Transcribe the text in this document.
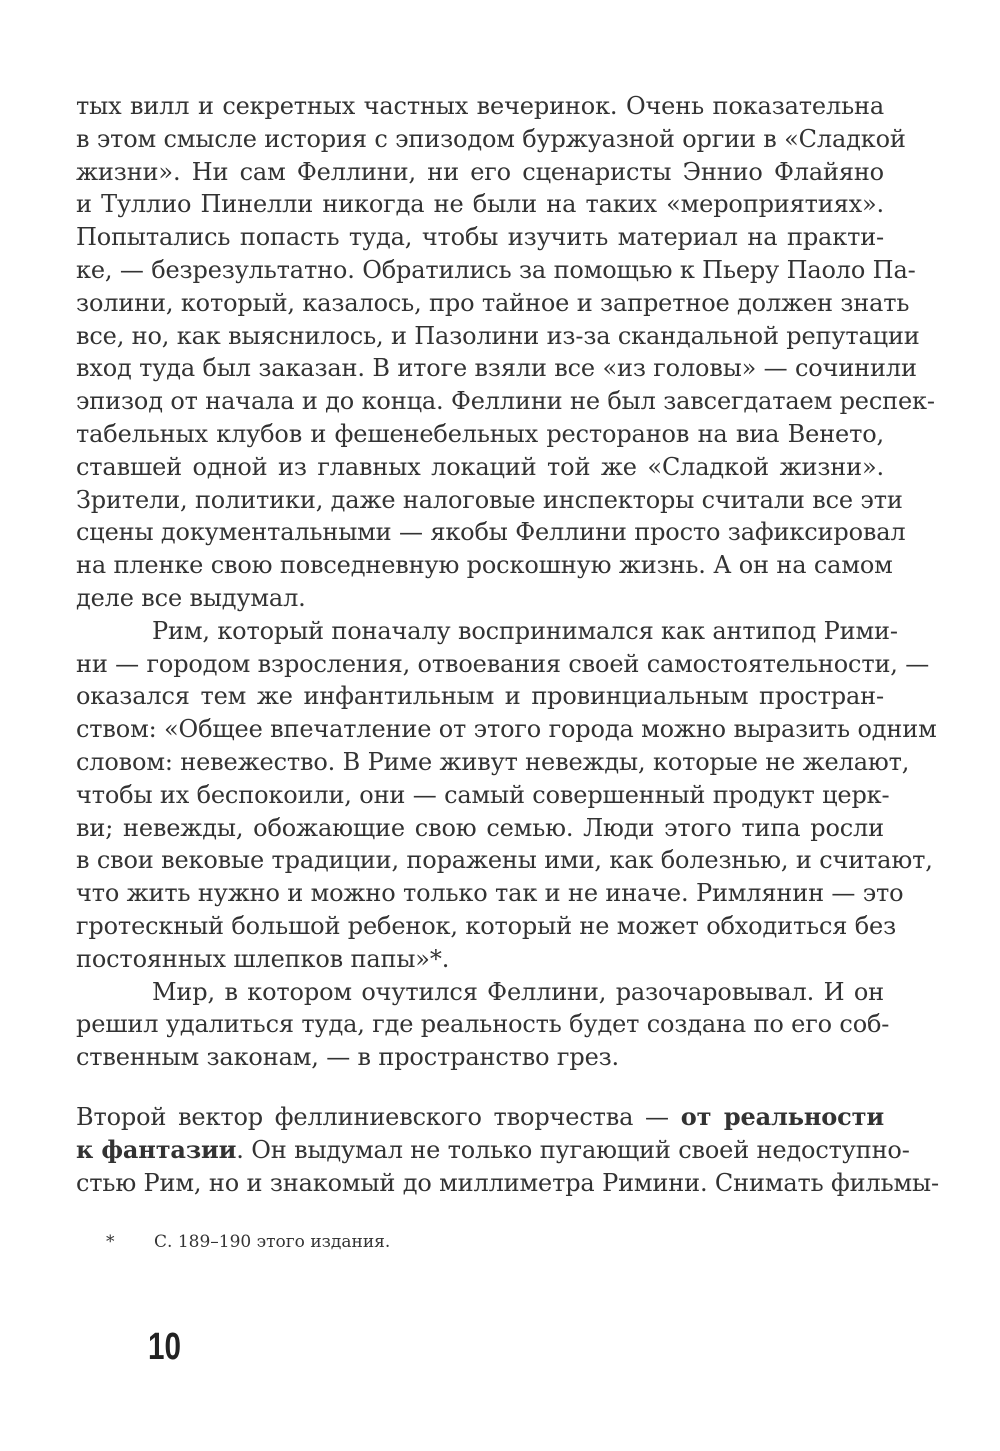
тых вилл и секретных частных вечеринок. Очень показательна
в этом смысле история с эпизодом буржуазной оргии в «Сладкой
жизни». Ни сам Феллини, ни его сценаристы Эннио Флайяно
и Туллио Пинелли никогда не были на таких «мероприятиях».
Попытались попасть туда, чтобы изучить материал на практи-
ке, — безрезультатно. Обратились за помощью к Пьеру Паоло Па-
золини, который, казалось, про тайное и запретное должен знать
все, но, как выяснилось, и Пазолини из-за скандальной репутации
вход туда был заказан. В итоге взяли все «из головы» — сочинили
эпизод от начала и до конца. Феллини не был завсегдатаем респек-
табельных клубов и фешенебельных ресторанов на виа Венето,
ставшей одной из главных локаций той же «Сладкой жизни».
Зрители, политики, даже налоговые инспекторы считали все эти
сцены документальными — якобы Феллини просто зафиксировал
на пленке свою повседневную роскошную жизнь. А он на самом
деле все выдумал.
Рим, который поначалу воспринимался как антипод Рими-
ни — городом взросления, отвоевания своей самостоятельности, —
оказался тем же инфантильным и провинциальным простран-
ством: «Общее впечатление от этого города можно выразить одним
словом: невежество. В Риме живут невежды, которые не желают,
чтобы их беспокоили, они — самый совершенный продукт церк-
ви; невежды, обожающие свою семью. Люди этого типа росли
в свои вековые традиции, поражены ими, как болезнью, и считают,
что жить нужно и можно только так и не иначе. Римлянин — это
гротескный большой ребенок, который не может обходиться без
постоянных шлепков папы»*.
Мир, в котором очутился Феллини, разочаровывал. И он
решил удалиться туда, где реальность будет создана по его соб-
ственным законам, — в пространство грез.
Второй вектор феллиниевского творчества — от реальности
к фантазии. Он выдумал не только пугающий своей недоступно-
стью Рим, но и знакомый до миллиметра Римини. Снимать фильмы-
* С. 189–190 этого издания.
10
